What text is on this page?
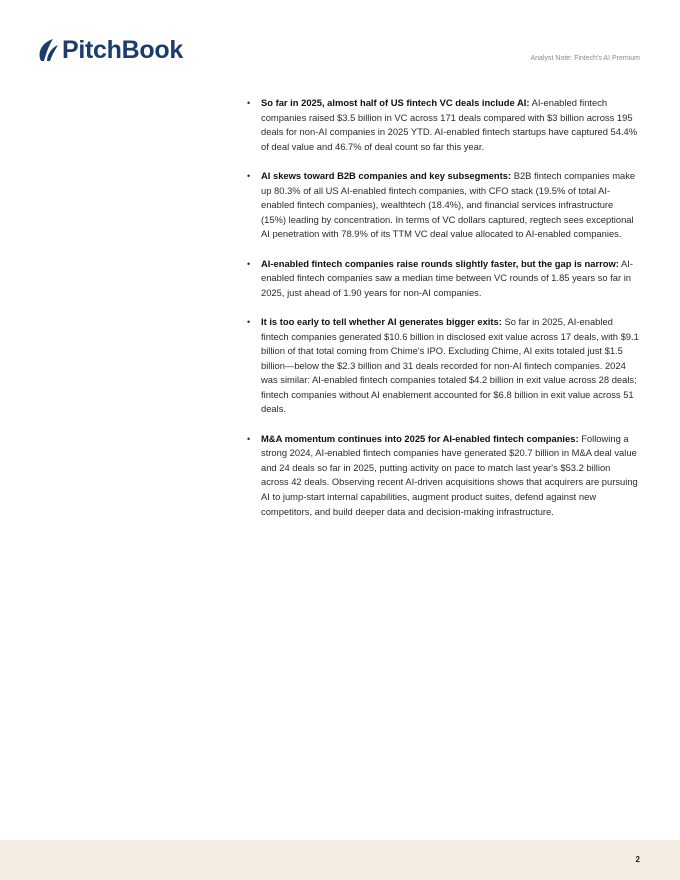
PitchBook	Analyst Note: Fintech's AI Premium
• So far in 2025, almost half of US fintech VC deals include AI: AI-enabled fintech companies raised $3.5 billion in VC across 171 deals compared with $3 billion across 195 deals for non-AI companies in 2025 YTD. AI-enabled fintech startups have captured 54.4% of deal value and 46.7% of deal count so far this year.
• AI skews toward B2B companies and key subsegments: B2B fintech companies make up 80.3% of all US AI-enabled fintech companies, with CFO stack (19.5% of total AI-enabled fintech companies), wealthtech (18.4%), and financial services infrastructure (15%) leading by concentration. In terms of VC dollars captured, regtech sees exceptional AI penetration with 78.9% of its TTM VC deal value allocated to AI-enabled companies.
• AI-enabled fintech companies raise rounds slightly faster, but the gap is narrow: AI-enabled fintech companies saw a median time between VC rounds of 1.85 years so far in 2025, just ahead of 1.90 years for non-AI companies.
• It is too early to tell whether AI generates bigger exits: So far in 2025, AI-enabled fintech companies generated $10.6 billion in disclosed exit value across 17 deals, with $9.1 billion of that total coming from Chime's IPO. Excluding Chime, AI exits totaled just $1.5 billion—below the $2.3 billion and 31 deals recorded for non-AI fintech companies. 2024 was similar: AI-enabled fintech companies totaled $4.2 billion in exit value across 28 deals; fintech companies without AI enablement accounted for $6.8 billion in exit value across 51 deals.
• M&A momentum continues into 2025 for AI-enabled fintech companies: Following a strong 2024, AI-enabled fintech companies have generated $20.7 billion in M&A deal value and 24 deals so far in 2025, putting activity on pace to match last year's $53.2 billion across 42 deals. Observing recent AI-driven acquisitions shows that acquirers are pursuing AI to jump-start internal capabilities, augment product suites, defend against new competitors, and build deeper data and decision-making infrastructure.
2
